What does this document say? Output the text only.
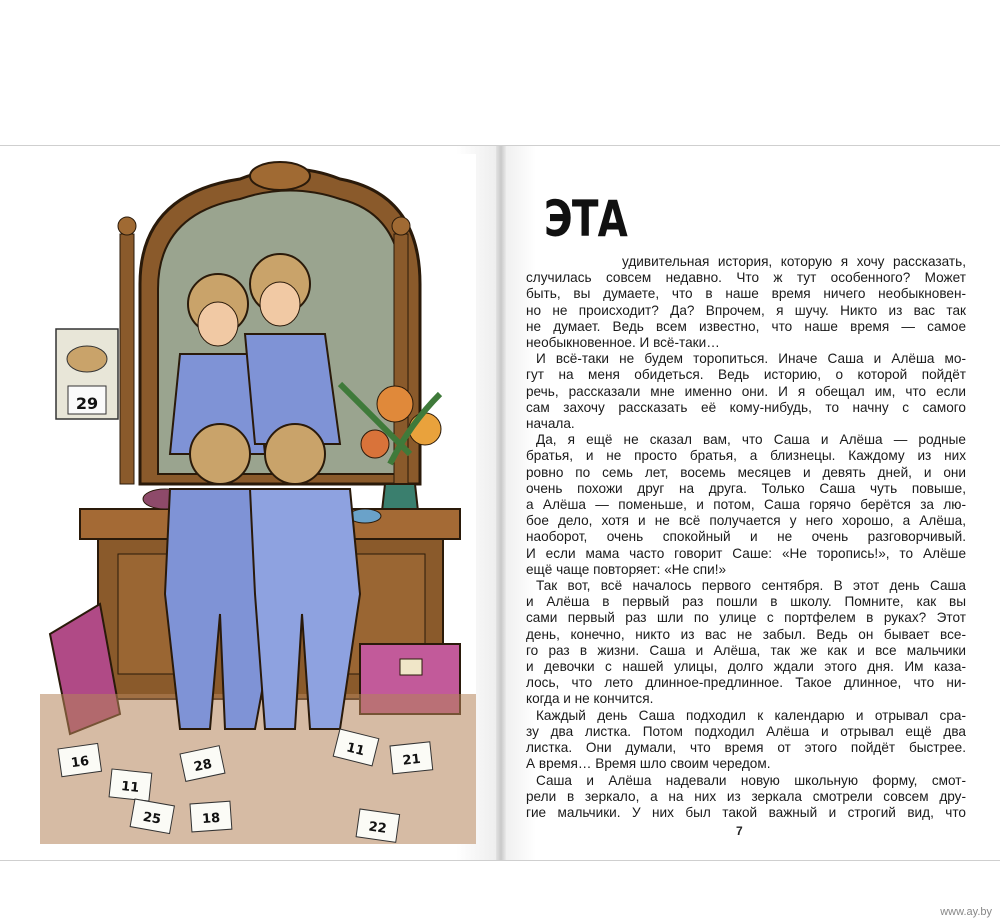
29
16
11
28
25	18
22
11
21
ЭТА
удивительная история, которую я хочу рассказать,
случилась совсем недавно. Что ж тут особенного? Может
быть, вы думаете, что в наше время ничего необыкновен-
но не происходит? Да? Впрочем, я шучу. Никто из вас так
не думает. Ведь всем известно, что наше время — самое
необыкновенное. И всё-таки…
И всё-таки не будем торопиться. Иначе Саша и Алёша мо-
гут на меня обидеться. Ведь историю, о которой пойдёт
речь, рассказали мне именно они. И я обещал им, что если
сам захочу рассказать её кому-нибудь, то начну с самого
начала.
Да, я ещё не сказал вам, что Саша и Алёша — родные
братья, и не просто братья, а близнецы. Каждому из них
ровно по семь лет, восемь месяцев и девять дней, и они
очень похожи друг на друга. Только Саша чуть повыше,
а Алёша — поменьше, и потом, Саша горячо берётся за лю-
бое дело, хотя и не всё получается у него хорошо, а Алёша,
наоборот, очень спокойный и не очень разговорчивый.
И если мама часто говорит Саше: «Не торопись!», то Алёше
ещё чаще повторяет: «Не спи!»
Так вот, всё началось первого сентября. В этот день Саша
и Алёша в первый раз пошли в школу. Помните, как вы
сами первый раз шли по улице с портфелем в руках? Этот
день, конечно, никто из вас не забыл. Ведь он бывает все-
го раз в жизни. Саша и Алёша, так же как и все мальчики
и девочки с нашей улицы, долго ждали этого дня. Им каза-
лось, что лето длинное-предлинное. Такое длинное, что ни-
когда и не кончится.
Каждый день Саша подходил к календарю и отрывал сра-
зу два листка. Потом подходил Алёша и отрывал ещё два
листка. Они думали, что время от этого пойдёт быстрее.
А время… Время шло своим чередом.
Саша и Алёша надевали новую школьную форму, смот-
рели в зеркало, а на них из зеркала смотрели совсем дру-
гие мальчики. У них был такой важный и строгий вид, что
7
www.ay.by
